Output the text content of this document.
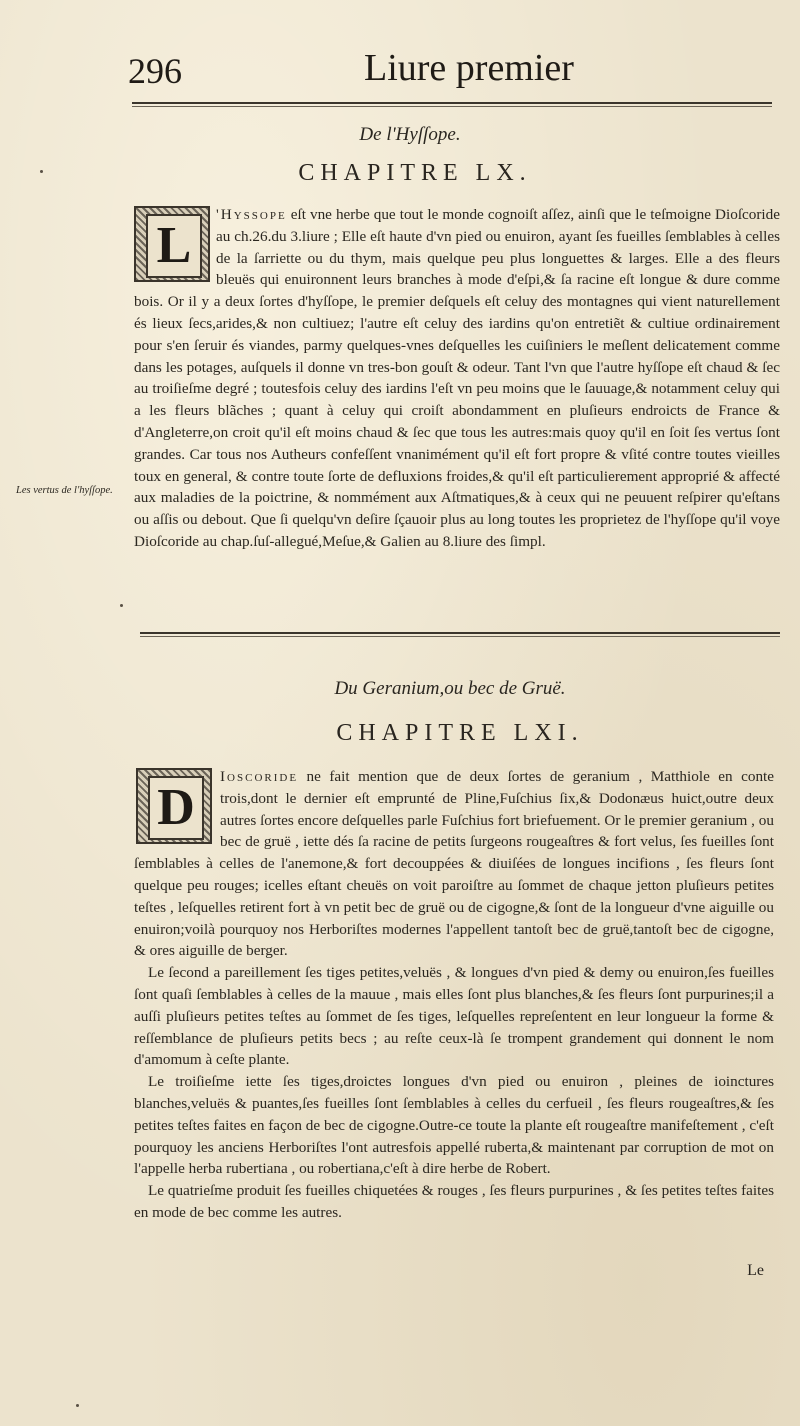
296	Liure premier
De l'Hyſſope.
CHAPITRE LX.
L
'Hyssope eſt vne herbe que tout le monde cognoiſt aſſez, ainſi que le teſmoigne Dioſcoride au ch.26.du 3.liure ; Elle eſt haute d'vn pied ou enuiron, ayant ſes fueilles ſemblables à celles de la ſarriette ou du thym, mais quelque peu plus longuettes & larges. Elle a des fleurs bleuës qui enuironnent leurs branches à mode d'eſpi,& ſa racine eſt longue & dure comme bois. Or il y a deux ſortes d'hyſſope, le premier deſquels eſt celuy des montagnes qui vient naturellement és lieux ſecs,arides,& non cultiuez; l'autre eſt celuy des iardins qu'on entretiẽt & cultiue ordinairement pour s'en ſeruir és viandes, parmy quelques-vnes deſquelles les cuiſiniers le meſlent delicatement comme dans les potages, auſquels il donne vn tres-bon gouſt & odeur. Tant l'vn que l'autre hyſſope eſt chaud & ſec au troiſieſme degré ; toutesfois celuy des iardins l'eſt vn peu moins que le ſauuage,& notamment celuy qui a les fleurs blãches ; quant à celuy qui croiſt abondamment en pluſieurs endroicts de France & d'Angleterre,on croit qu'il eſt moins chaud & ſec que tous les autres:mais quoy qu'il en ſoit ſes vertus ſont grandes. Car tous nos Autheurs confeſſent vnanimément qu'il eſt fort propre & vſité contre toutes vieilles toux en general, & contre toute ſorte de defluxions froides,& qu'il eſt particulierement approprié & affecté aux maladies de la poictrine, & nommément aux Aſtmatiques,& à ceux qui ne peuuent reſpirer qu'eſtans ou aſſis ou debout. Que ſi quelqu'vn deſire ſçauoir plus au long toutes les proprietez de l'hyſſope qu'il voye Dioſcoride au chap.ſuſ-allegué,Meſue,& Galien au 8.liure des ſimpl.
Les vertus de l'hyſſope.
Du Geranium,ou bec de Gruë.
CHAPITRE LXI.
D
Ioscoride ne fait mention que de deux ſortes de geranium , Matthiole en conte trois,dont le dernier eſt emprunté de Pline,Fuſchius ſix,& Dodonæus huict,outre deux autres ſortes encore deſquelles parle Fuſchius fort briefuement. Or le premier geranium , ou bec de gruë , iette dés ſa racine de petits ſurgeons rougeaſtres & fort velus, ſes fueilles ſont ſemblables à celles de l'anemone,& fort decouppées & diuiſées de longues incifions , ſes fleurs ſont quelque peu rouges; icelles eſtant cheuës on voit paroiſtre au ſommet de chaque jetton pluſieurs petites teſtes , leſquelles retirent fort à vn petit bec de gruë ou de cigogne,& ſont de la longueur d'vne aiguille ou enuiron;voilà pourquoy nos Herboriſtes modernes l'appellent tantoſt bec de gruë,tantoſt bec de cigogne, & ores aiguille de berger.
Le ſecond a pareillement ſes tiges petites,veluës , & longues d'vn pied & demy ou enuiron,ſes fueilles ſont quaſi ſemblables à celles de la mauue , mais elles ſont plus blanches,& ſes fleurs ſont purpurines;il a auſſi pluſieurs petites teſtes au ſommet de ſes tiges, leſquelles repreſentent en leur longueur la forme & reſſemblance de pluſieurs petits becs ; au reſte ceux-là ſe trompent grandement qui donnent le nom d'amomum à ceſte plante.
Le troiſieſme iette ſes tiges,droictes longues d'vn pied ou enuiron , pleines de ioinctures blanches,veluës & puantes,ſes fueilles ſont ſemblables à celles du cerfueil , ſes fleurs rougeaſtres,& ſes petites teſtes faites en façon de bec de cigogne.Outre-ce toute la plante eſt rougeaſtre manifeſtement , c'eſt pourquoy les anciens Herboriſtes l'ont autresfois appellé ruberta,& maintenant par corruption de mot on l'appelle herba rubertiana , ou robertiana,c'eſt à dire herbe de Robert.
Le quatrieſme produit ſes fueilles chiquetées & rouges , ſes fleurs purpurines , & ſes petites teſtes faites en mode de bec comme les autres.
Le
